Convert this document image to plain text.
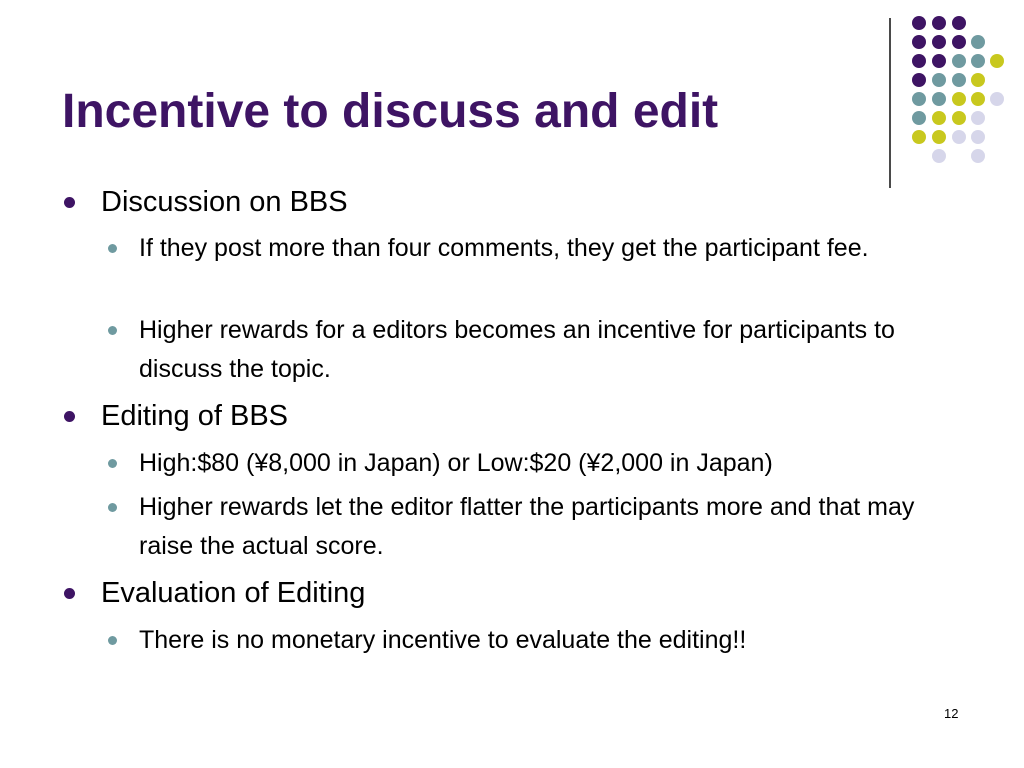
Incentive to discuss and edit
Discussion on BBS
If they post more than four comments, they get the participant fee.
Higher rewards for a editors becomes an incentive for participants to discuss the topic.
Editing of BBS
High:$80 (¥8,000 in Japan) or Low:$20 (¥2,000 in Japan)
Higher rewards let the editor flatter the participants more and that may raise the actual score.
Evaluation of Editing
There is no monetary incentive to evaluate the editing!!
12
